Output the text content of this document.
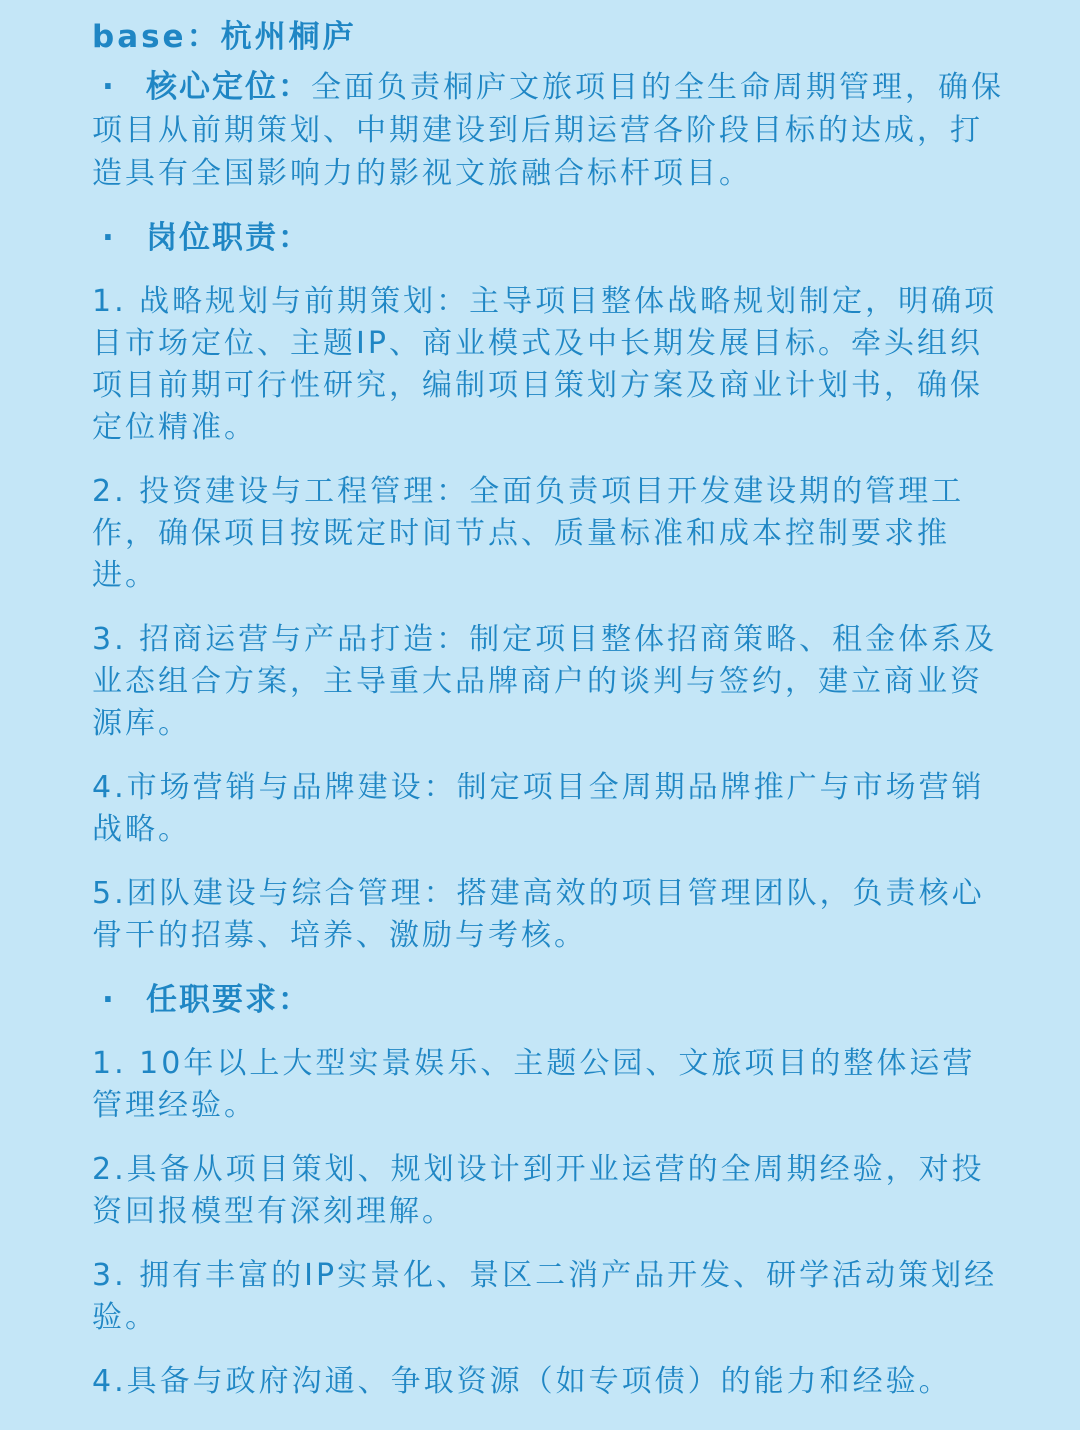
base：杭州桐庐
· 核心定位：全面负责桐庐文旅项目的全生命周期管理，确保项目从前期策划、中期建设到后期运营各阶段目标的达成，打造具有全国影响力的影视文旅融合标杆项目。
· 岗位职责：
1. 战略规划与前期策划：主导项目整体战略规划制定，明确项目市场定位、主题IP、商业模式及中长期发展目标。牵头组织项目前期可行性研究，编制项目策划方案及商业计划书，确保定位精准。
2. 投资建设与工程管理：全面负责项目开发建设期的管理工作，确保项目按既定时间节点、质量标准和成本控制要求推进。
3. 招商运营与产品打造：制定项目整体招商策略、租金体系及业态组合方案，主导重大品牌商户的谈判与签约，建立商业资源库。
4.市场营销与品牌建设：制定项目全周期品牌推广与市场营销战略。
5.团队建设与综合管理：搭建高效的项目管理团队，负责核心骨干的招募、培养、激励与考核。
· 任职要求：
1. 10年以上大型实景娱乐、主题公园、文旅项目的整体运营管理经验。
2.具备从项目策划、规划设计到开业运营的全周期经验，对投资回报模型有深刻理解。
3. 拥有丰富的IP实景化、景区二消产品开发、研学活动策划经验。
4.具备与政府沟通、争取资源（如专项债）的能力和经验。
